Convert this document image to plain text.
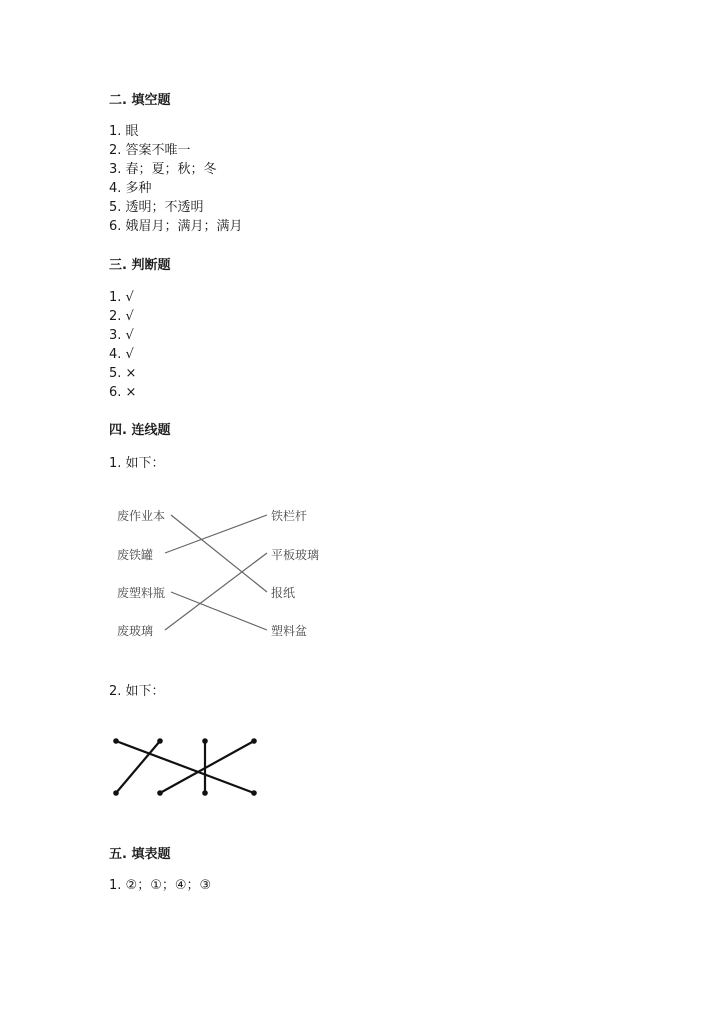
二. 填空题
1. 眼
2. 答案不唯一
3. 春；夏；秋；冬
4. 多种
5. 透明；不透明
6. 娥眉月；满月；满月
三. 判断题
1. √
2. √
3. √
4. √
5. ×
6. ×
四. 连线题
1. 如下：
废作业本
废铁罐
废塑料瓶
废玻璃
铁栏杆
平板玻璃
报纸
塑料盆
2. 如下：
五. 填表题
1. ②；①；④；③
